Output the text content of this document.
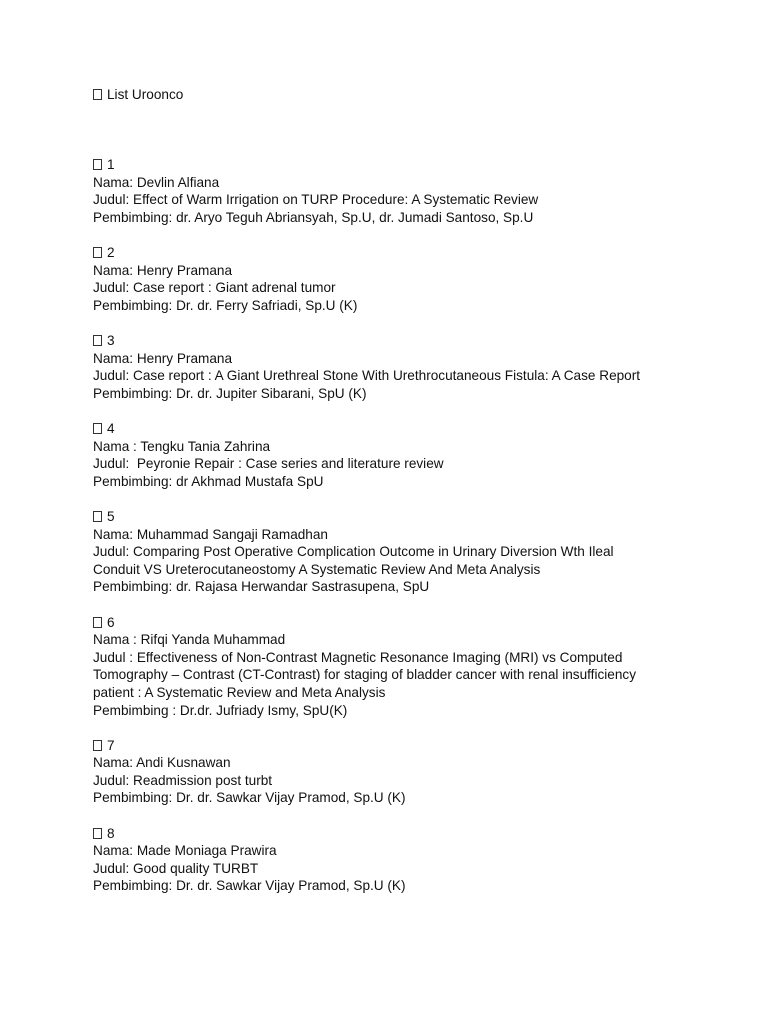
List Uroonco

1

Nama: Devlin Alfiana

Judul: Effect of Warm Irrigation on TURP Procedure: A Systematic Review

Pembimbing: dr. Aryo Teguh Abriansyah, Sp.U, dr. Jumadi Santoso, Sp.U

2

Nama: Henry Pramana

Judul: Case report : Giant adrenal tumor

Pembimbing: Dr. dr. Ferry Safriadi, Sp.U (K)

3

Nama: Henry Pramana

Judul: Case report : A Giant Urethreal Stone With Urethrocutaneous Fistula: A Case Report

Pembimbing: Dr. dr. Jupiter Sibarani, SpU (K)

4

Nama : Tengku Tania Zahrina

Judul:  Peyronie Repair : Case series and literature review

Pembimbing: dr Akhmad Mustafa SpU

5

Nama: Muhammad Sangaji Ramadhan

Judul: Comparing Post Operative Complication Outcome in Urinary Diversion Wth Ileal

Conduit VS Ureterocutaneostomy A Systematic Review And Meta Analysis

Pembimbing: dr. Rajasa Herwandar Sastrasupena, SpU

6

Nama : Rifqi Yanda Muhammad

Judul : Effectiveness of Non-Contrast Magnetic Resonance Imaging (MRI) vs Computed

Tomography – Contrast (CT-Contrast) for staging of bladder cancer with renal insufficiency

patient : A Systematic Review and Meta Analysis

Pembimbing : Dr.dr. Jufriady Ismy, SpU(K)

7

Nama: Andi Kusnawan

Judul: Readmission post turbt

Pembimbing: Dr. dr. Sawkar Vijay Pramod, Sp.U (K)

8

Nama: Made Moniaga Prawira

Judul: Good quality TURBT

Pembimbing: Dr. dr. Sawkar Vijay Pramod, Sp.U (K)
